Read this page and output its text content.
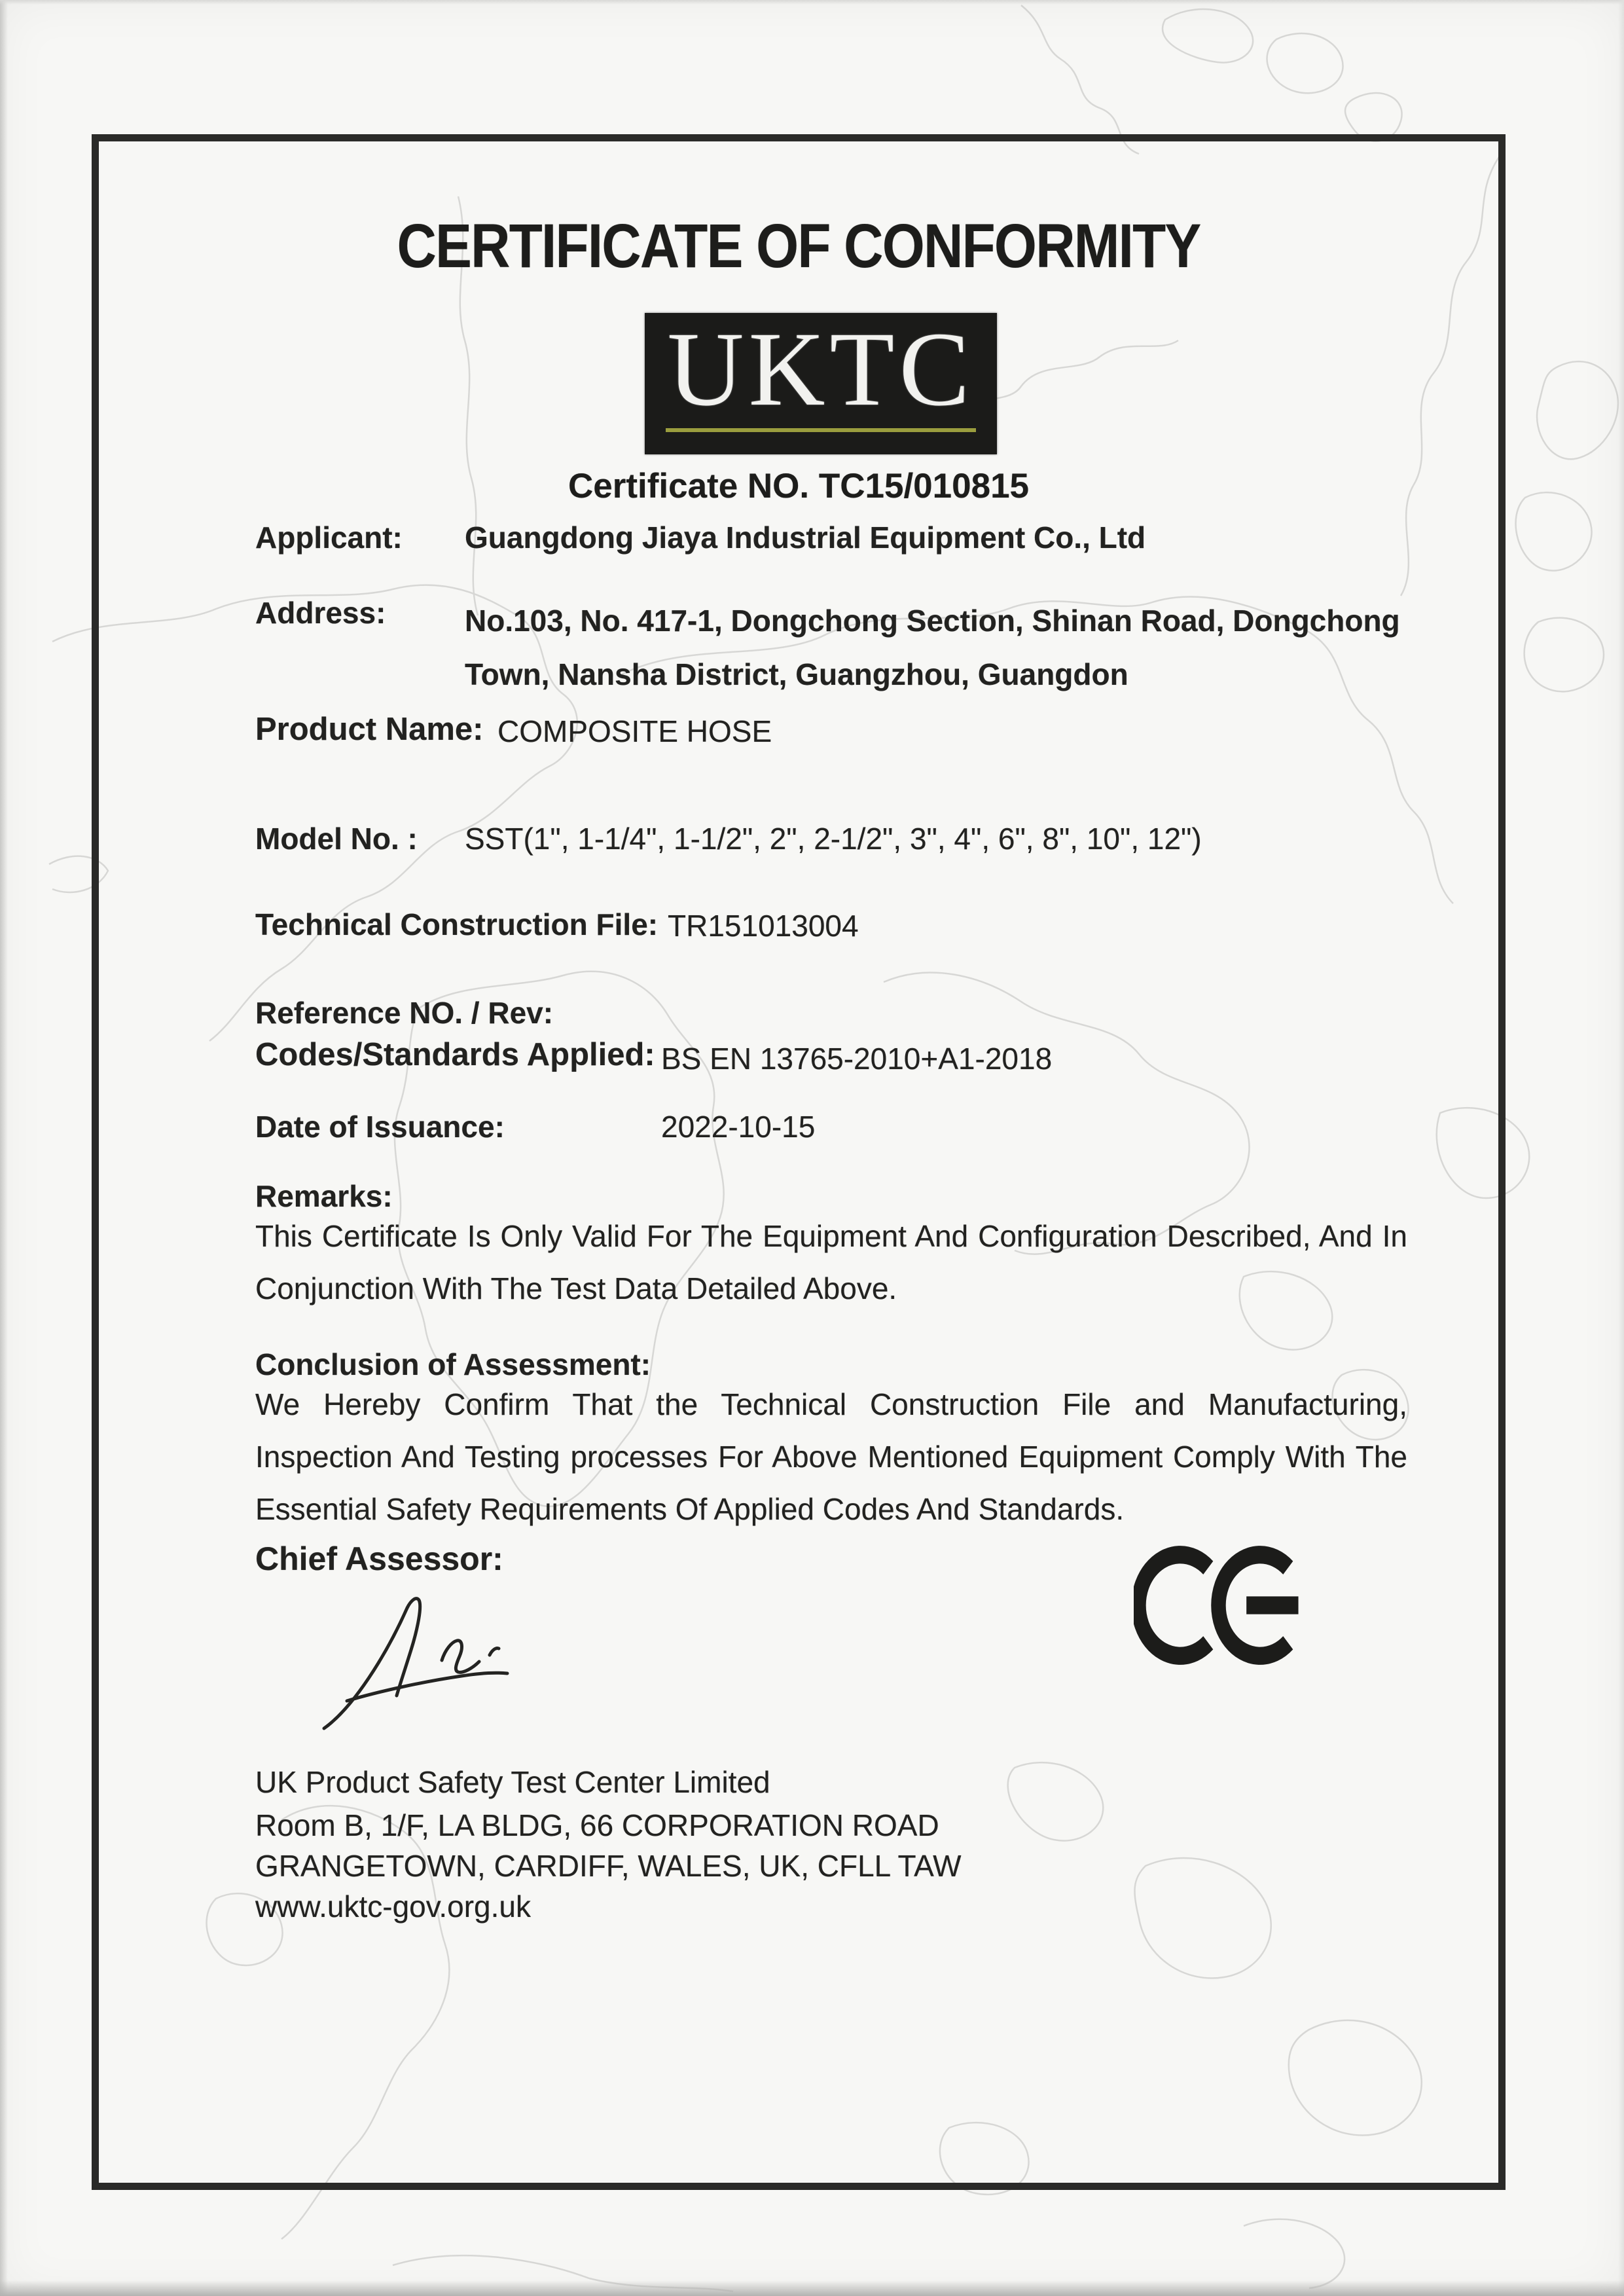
CERTIFICATE OF CONFORMITY
UKTC
Certificate NO. TC15/010815
Applicant: Guangdong Jiaya Industrial Equipment Co., Ltd
Address:	No.103, No. 417-1, Dongchong Section, Shinan Road, Dongchong Town, Nansha District, Guangzhou, Guangdon
Product Name: COMPOSITE HOSE
Model No. : SST(1", 1-1/4", 1-1/2", 2", 2-1/2", 3", 4", 6", 8", 10", 12")
Technical Construction File: TR151013004
Reference NO. / Rev:
Codes/Standards Applied: BS EN 13765-2010+A1-2018
Date of Issuance:	2022-10-15
Remarks:

This Certificate Is Only Valid For The Equipment And Configuration Described, And In Conjunction With The Test Data Detailed Above.

Conclusion of Assessment:

We Hereby Confirm That the Technical Construction File and Manufacturing, Inspection And Testing processes For Above Mentioned Equipment Comply With The Essential Safety Requirements Of Applied Codes And Standards.

Chief Assessor:
UK Product Safety Test Center Limited
Room B, 1/F, LA BLDG, 66 CORPORATION ROAD
GRANGETOWN, CARDIFF, WALES, UK, CFLL TAW
www.uktc-gov.org.uk
